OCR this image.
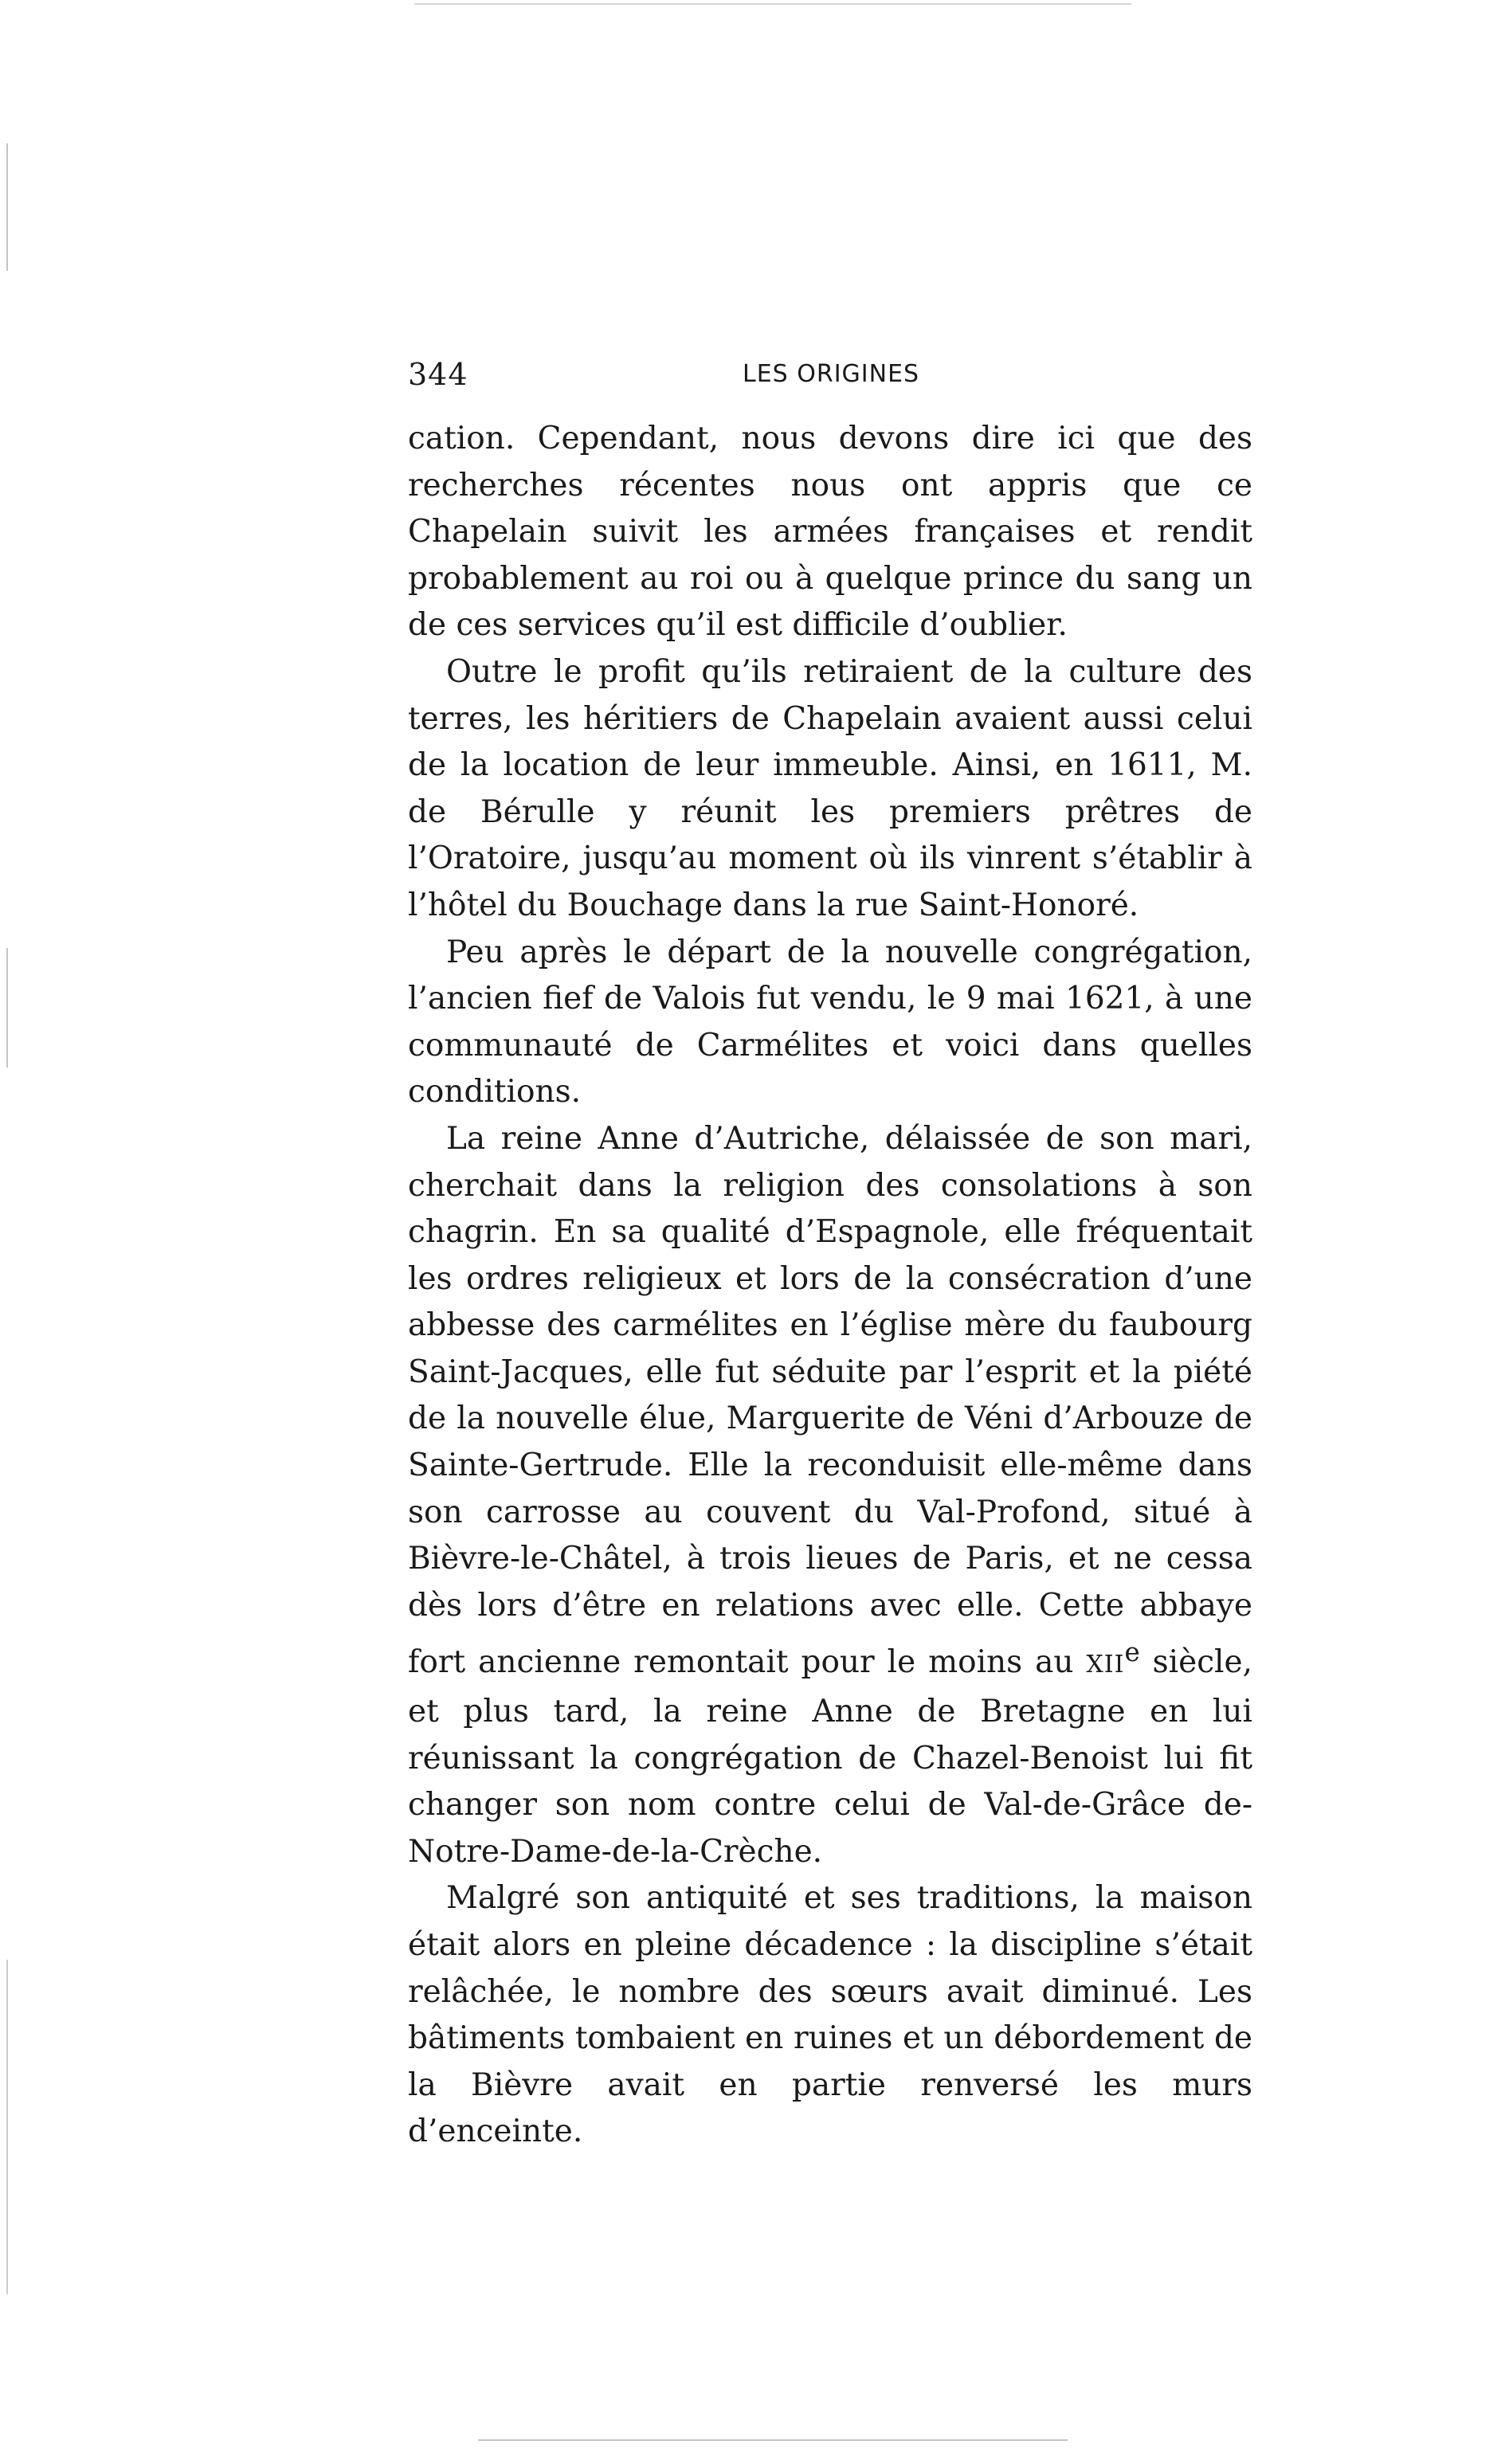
344	LES ORIGINES

cation. Cependant, nous devons dire ici que des recherches récentes nous ont appris que ce Chapelain suivit les armées françaises et rendit probablement au roi ou à quelque prince du sang un de ces services qu’il est difficile d’oublier.

Outre le profit qu’ils retiraient de la culture des terres, les héritiers de Chapelain avaient aussi celui de la location de leur immeuble. Ainsi, en 1611, M. de Bérulle y réunit les premiers prêtres de l’Oratoire, jusqu’au moment où ils vinrent s’établir à l’hôtel du Bouchage dans la rue Saint-Honoré.

Peu après le départ de la nouvelle congrégation, l’ancien fief de Valois fut vendu, le 9 mai 1621, à une communauté de Carmélites et voici dans quelles conditions.

La reine Anne d’Autriche, délaissée de son mari, cherchait dans la religion des consolations à son chagrin. En sa qualité d’Espagnole, elle fréquentait les ordres religieux et lors de la consécration d’une abbesse des carmélites en l’église mère du faubourg Saint-Jacques, elle fut séduite par l’esprit et la piété de la nouvelle élue, Marguerite de Véni d’Arbouze de Sainte-Gertrude. Elle la reconduisit elle-même dans son carrosse au couvent du Val-Profond, situé à Bièvre-le-Châtel, à trois lieues de Paris, et ne cessa dès lors d’être en relations avec elle. Cette abbaye fort ancienne remontait pour le moins au XIIe siècle, et plus tard, la reine Anne de Bretagne en lui réunissant la congrégation de Chazel-Benoist lui fit changer son nom contre celui de Val-de-Grâce de-Notre-Dame-de-la-Crèche.

Malgré son antiquité et ses traditions, la maison était alors en pleine décadence : la discipline s’était relâchée, le nombre des sœurs avait diminué. Les bâtiments tombaient en ruines et un débordement de la Bièvre avait en partie renversé les murs d’enceinte.
